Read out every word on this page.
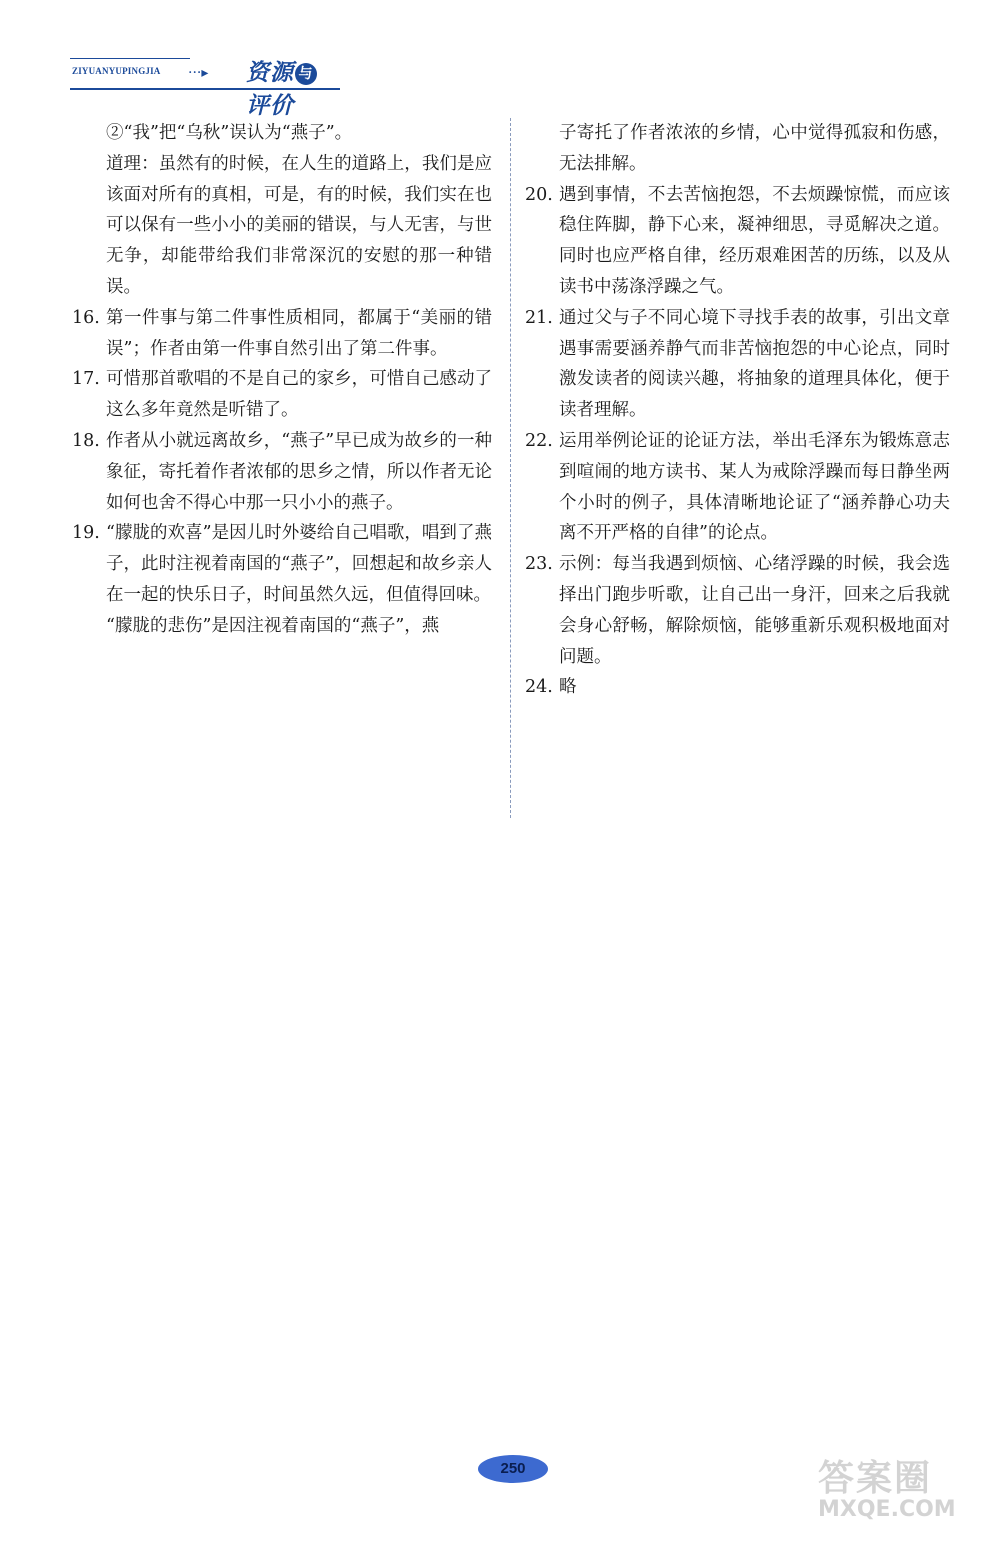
ZIYUANYUPINGJIA ···▸ 资源 与评价

②“我”把“乌秋”误认为“燕子”。

道理：虽然有的时候，在人生的道路上，我们是应该面对所有的真相，可是，有的时候，我们实在也可以保有一些小小的美丽的错误，与人无害，与世无争，却能带给我们非常深沉的安慰的那一种错误。

16. 第一件事与第二件事性质相同，都属于“美丽的错误”；作者由第一件事自然引出了第二件事。

17. 可惜那首歌唱的不是自己的家乡，可惜自己感动了这么多年竟然是听错了。

18. 作者从小就远离故乡，“燕子”早已成为故乡的一种象征，寄托着作者浓郁的思乡之情，所以作者无论如何也舍不得心中那一只小小的燕子。

19. “朦胧的欢喜”是因儿时外婆给自己唱歌，唱到了燕子，此时注视着南国的“燕子”，回想起和故乡亲人在一起的快乐日子，时间虽然久远，但值得回味。

“朦胧的悲伤”是因注视着南国的“燕子”，燕

子寄托了作者浓浓的乡情，心中觉得孤寂和伤感，无法排解。

20. 遇到事情，不去苦恼抱怨，不去烦躁惊慌，而应该稳住阵脚，静下心来，凝神细思，寻觅解决之道。同时也应严格自律，经历艰难困苦的历练，以及从读书中荡涤浮躁之气。

21. 通过父与子不同心境下寻找手表的故事，引出文章遇事需要涵养静气而非苦恼抱怨的中心论点，同时激发读者的阅读兴趣，将抽象的道理具体化，便于读者理解。

22. 运用举例论证的论证方法，举出毛泽东为锻炼意志到喧闹的地方读书、某人为戒除浮躁而每日静坐两个小时的例子，具体清晰地论证了“涵养静心功夫离不开严格的自律”的论点。

23. 示例：每当我遇到烦恼、心绪浮躁的时候，我会选择出门跑步听歌，让自己出一身汗，回来之后我就会身心舒畅，解除烦恼，能够重新乐观积极地面对问题。

24. 略

250	答案圈
MXQE.COM
